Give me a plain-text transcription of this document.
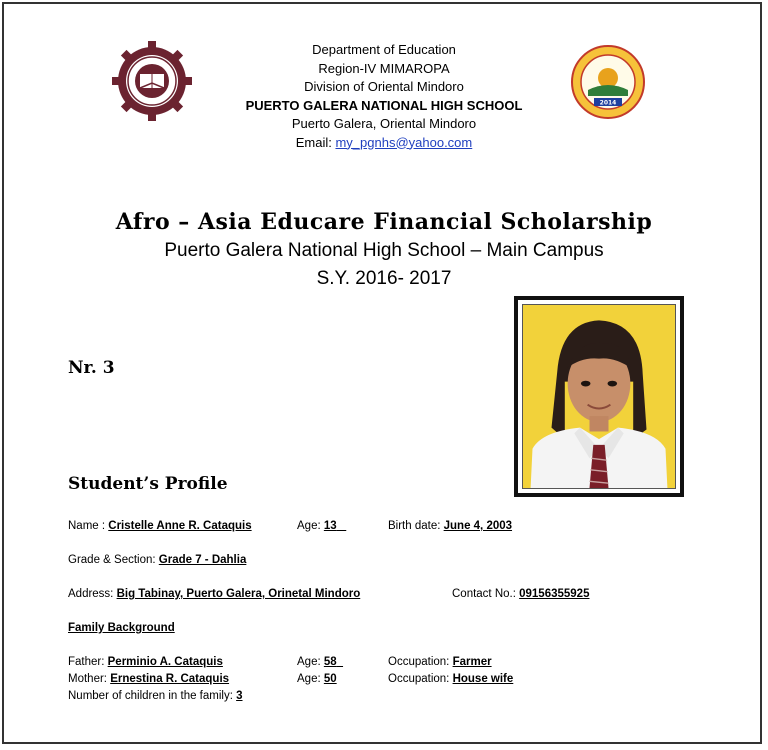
2014
Department of Education
Region-IV MIMAROPA
Division of Oriental Mindoro
PUERTO GALERA NATIONAL HIGH SCHOOL
Puerto Galera, Oriental Mindoro
Email: my_pgnhs@yahoo.com
Afro – Asia Educare Financial Scholarship
Puerto Galera National High School – Main Campus
S.Y. 2016- 2017
Nr. 3
Student’s Profile
Name : Cristelle Anne R. Cataquis	Age: 13	Birth date: June 4, 2003
Grade & Section: Grade 7 - Dahlia
Address: Big Tabinay, Puerto Galera, Orinetal Mindoro	Contact No.: 09156355925
Family Background
Father: Perminio A. Cataquis	Age: 58	Occupation: Farmer
Mother: Ernestina R. Cataquis	Age: 50	Occupation: House wife
Number of children in the family: 3
